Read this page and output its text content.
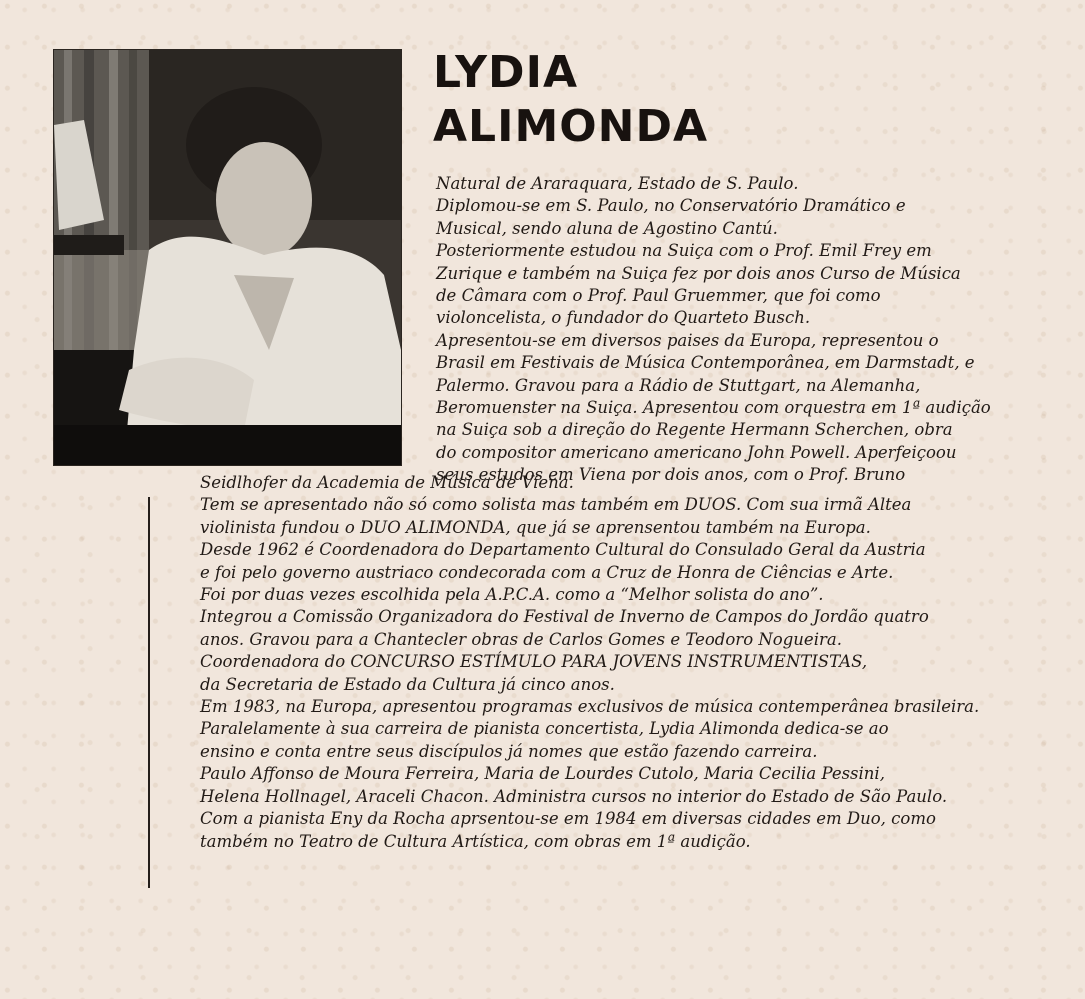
LYDIA
ALIMONDA

Natural de Araraquara, Estado de S. Paulo.
Diplomou-se em S. Paulo, no Conservatório Dramático e
Musical, sendo aluna de Agostino Cantú.
Posteriormente estudou na Suiça com o Prof. Emil Frey em
Zurique e também na Suiça fez por dois anos Curso de Música
de Câmara com o Prof. Paul Gruemmer, que foi como
violoncelista, o fundador do Quarteto Busch.
Apresentou-se em diversos paises da Europa, representou o
Brasil em Festivais de Música Contemporânea, em Darmstadt, e
Palermo. Gravou para a Rádio de Stuttgart, na Alemanha,
Beromuenster na Suiça. Apresentou com orquestra em 1ª audição
na Suiça sob a direção do Regente Hermann Scherchen, obra
do compositor americano americano John Powell. Aperfeiçoou
seus estudos em Viena por dois anos, com o Prof. Bruno

Seidlhofer da Academia de Música de Viena.
Tem se apresentado não só como solista mas também em DUOS. Com sua irmã Altea
violinista fundou o DUO ALIMONDA, que já se aprensentou também na Europa.
Desde 1962 é Coordenadora do Departamento Cultural do Consulado Geral da Austria
e foi pelo governo austriaco condecorada com a Cruz de Honra de Ciências e Arte.
Foi por duas vezes escolhida pela A.P.C.A. como a “Melhor solista do ano”.
Integrou a Comissão Organizadora do Festival de Inverno de Campos do Jordão quatro
anos. Gravou para a Chantecler obras de Carlos Gomes e Teodoro Nogueira.
Coordenadora do CONCURSO ESTÍMULO PARA JOVENS INSTRUMENTISTAS,
da Secretaria de Estado da Cultura já cinco anos.
Em 1983, na Europa, apresentou programas exclusivos de música contemperânea brasileira.
Paralelamente à sua carreira de pianista concertista, Lydia Alimonda dedica-se ao
ensino e conta entre seus discípulos já nomes que estão fazendo carreira.
Paulo Affonso de Moura Ferreira, Maria de Lourdes Cutolo, Maria Cecilia Pessini,
Helena Hollnagel, Araceli Chacon. Administra cursos no interior do Estado de São Paulo.
Com a pianista Eny da Rocha aprsentou-se em 1984 em diversas cidades em Duo, como
também no Teatro de Cultura Artística, com obras em 1ª audição.
